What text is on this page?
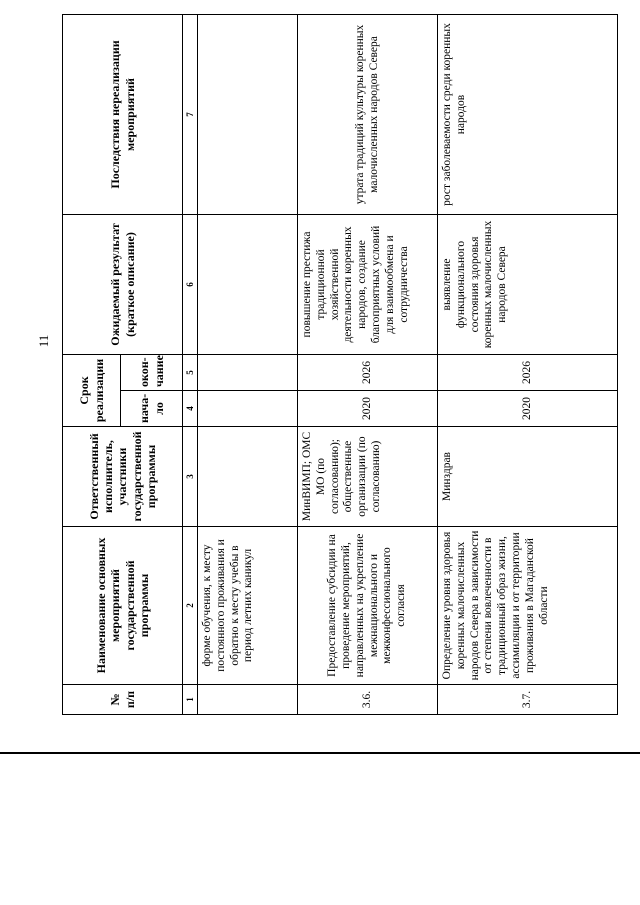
11
№ п/п	Наименование основных мероприятий государственной программы	Ответственный исполнитель, участники государственной программы	Срок реализации		Ожидаемый результат (краткое описание)	Последствия нереализации мероприятий
			нача-ло	окон-чание		
1	2	3	4	5	6	7
	форме обучения, к месту постоянного проживания и обратно к месту учебы в период летних каникул					
3.6.	Предоставление субсидии на проведение мероприятий, направленных на укрепление межнационального и межконфессионального согласия	МинВИМП; ОМС МО (по согласованию); общественные организации (по согласованию)	2020	2026	повышение престижа традиционной хозяйственной деятельности коренных народов, создание благоприятных условий для взаимообмена и сотрудничества	утрата традиций культуры коренных малочисленных народов Севера
3.7.	Определение уровня здоровья коренных малочисленных народов Севера в зависимости от степени вовлеченности в традиционный образ жизни, ассимиляции и от территории проживания в Магаданской области	Минздрав	2020	2026	выявление функционального состояния здоровья коренных малочисленных народов Севера	рост заболеваемости среди коренных народов
